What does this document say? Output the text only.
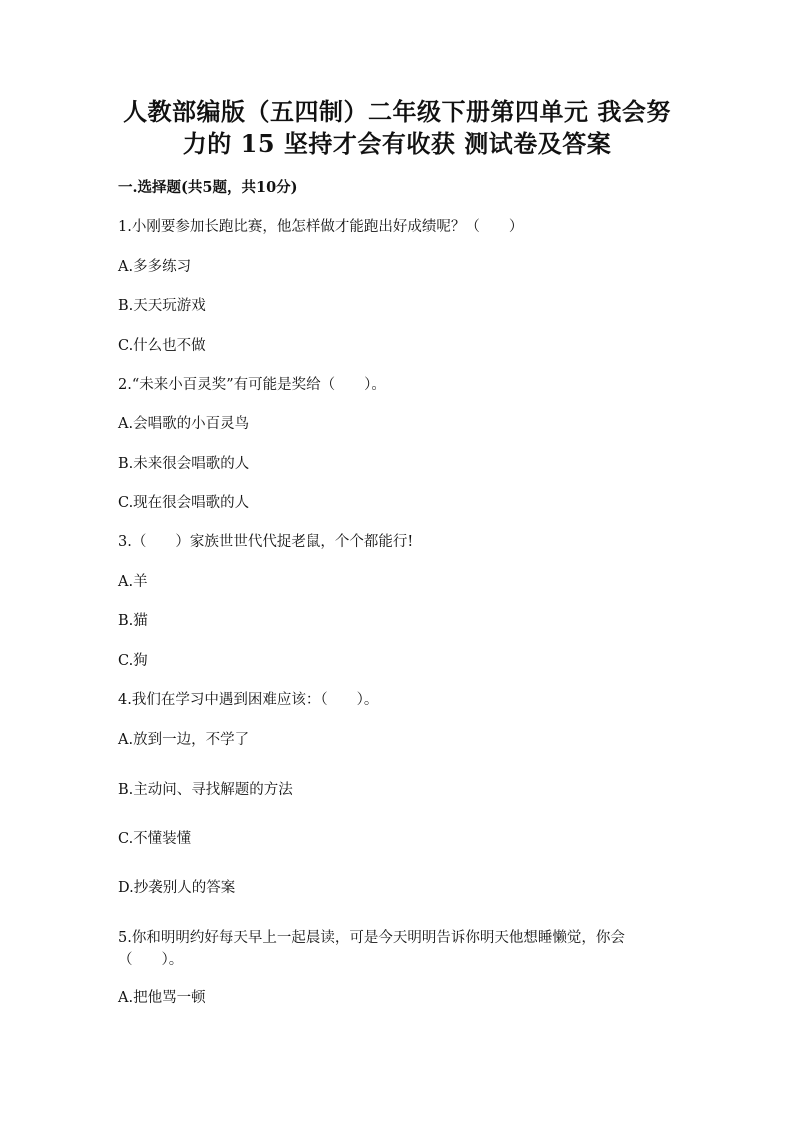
人教部编版（五四制）二年级下册第四单元 我会努
力的 15 坚持才会有收获 测试卷及答案
一.选择题(共5题，共10分)
1.小刚要参加长跑比赛，他怎样做才能跑出好成绩呢？（　　）
A.多多练习
B.天天玩游戏
C.什么也不做
2.“未来小百灵奖”有可能是奖给（　　）。
A.会唱歌的小百灵鸟
B.未来很会唱歌的人
C.现在很会唱歌的人
3.（　　）家族世世代代捉老鼠，个个都能行!
A.羊
B.猫
C.狗
4.我们在学习中遇到困难应该：（　　）。
A.放到一边，不学了
B.主动问、寻找解题的方法
C.不懂装懂
D.抄袭别人的答案
5.你和明明约好每天早上一起晨读，可是今天明明告诉你明天他想睡懒觉，你会（　　）。
A.把他骂一顿
